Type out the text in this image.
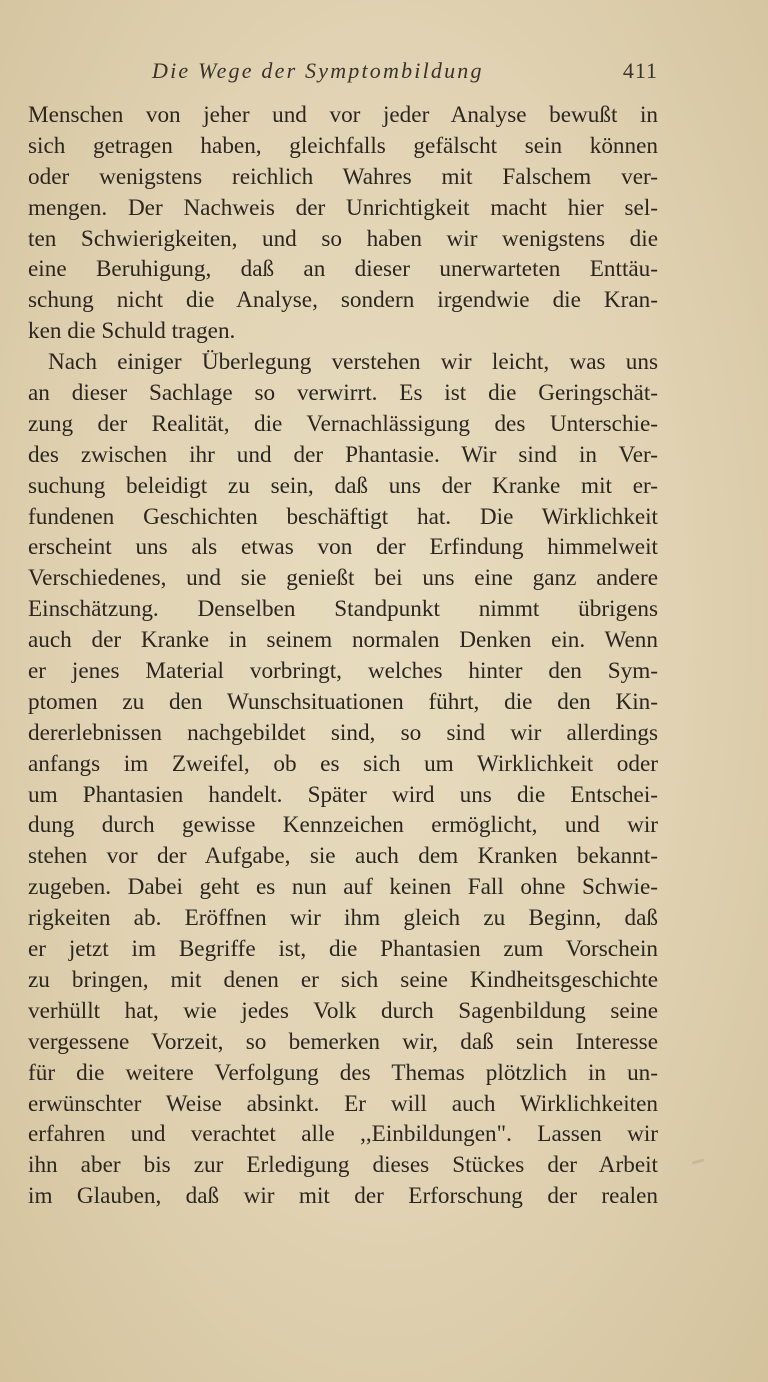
Die Wege der Symptombildung	411
Menschen von jeher und vor jeder Analyse bewußt in
sich getragen haben, gleichfalls gefälscht sein können
oder wenigstens reichlich Wahres mit Falschem ver-
mengen. Der Nachweis der Unrichtigkeit macht hier sel-
ten Schwierigkeiten, und so haben wir wenigstens die
eine Beruhigung, daß an dieser unerwarteten Enttäu-
schung nicht die Analyse, sondern irgendwie die Kran-
ken die Schuld tragen.
Nach einiger Überlegung verstehen wir leicht, was uns
an dieser Sachlage so verwirrt. Es ist die Geringschät-
zung der Realität, die Vernachlässigung des Unterschie-
des zwischen ihr und der Phantasie. Wir sind in Ver-
suchung beleidigt zu sein, daß uns der Kranke mit er-
fundenen Geschichten beschäftigt hat. Die Wirklichkeit
erscheint uns als etwas von der Erfindung himmelweit
Verschiedenes, und sie genießt bei uns eine ganz andere
Einschätzung. Denselben Standpunkt nimmt übrigens
auch der Kranke in seinem normalen Denken ein. Wenn
er jenes Material vorbringt, welches hinter den Sym-
ptomen zu den Wunschsituationen führt, die den Kin-
dererlebnissen nachgebildet sind, so sind wir allerdings
anfangs im Zweifel, ob es sich um Wirklichkeit oder
um Phantasien handelt. Später wird uns die Entschei-
dung durch gewisse Kennzeichen ermöglicht, und wir
stehen vor der Aufgabe, sie auch dem Kranken bekannt-
zugeben. Dabei geht es nun auf keinen Fall ohne Schwie-
rigkeiten ab. Eröffnen wir ihm gleich zu Beginn, daß
er jetzt im Begriffe ist, die Phantasien zum Vorschein
zu bringen, mit denen er sich seine Kindheitsgeschichte
verhüllt hat, wie jedes Volk durch Sagenbildung seine
vergessene Vorzeit, so bemerken wir, daß sein Interesse
für die weitere Verfolgung des Themas plötzlich in un-
erwünschter Weise absinkt. Er will auch Wirklichkeiten
erfahren und verachtet alle ,,Einbildungen". Lassen wir
ihn aber bis zur Erledigung dieses Stückes der Arbeit
im Glauben, daß wir mit der Erforschung der realen
